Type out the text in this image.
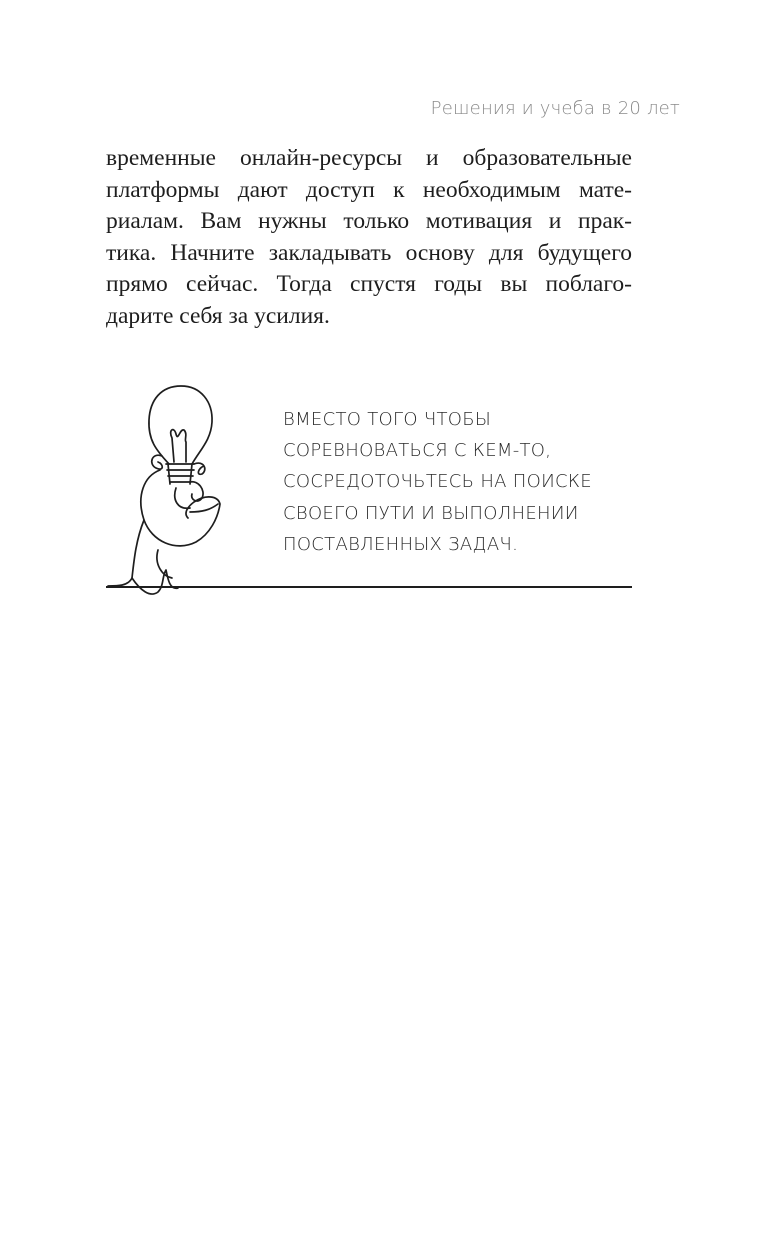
Решения и учеба в 20 лет
временные онлайн-ресурсы и образовательные
платформы дают доступ к необходимым мате-
риалам. Вам нужны только мотивация и прак-
тика. Начните закладывать основу для будущего
прямо сейчас. Тогда спустя годы вы поблаго-
дарите себя за усилия.
ВМЕСТО ТОГО ЧТОБЫ
СОРЕВНОВАТЬСЯ С КЕМ-ТО,
СОСРЕДОТОЧЬТЕСЬ НА ПОИСКЕ
СВОЕГО ПУТИ И ВЫПОЛНЕНИИ
ПОСТАВЛЕННЫХ ЗАДАЧ.
